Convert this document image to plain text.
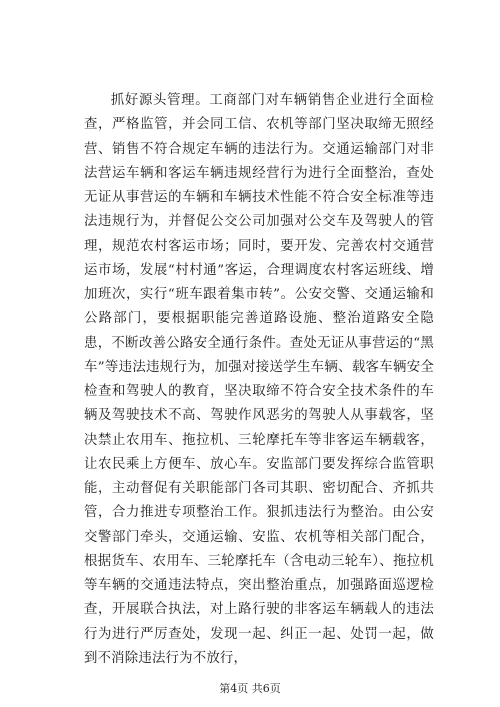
抓好源头管理。工商部门对车辆销售企业进行全面检查，严格监管，并会同工信、农机等部门坚决取缔无照经营、销售不符合规定车辆的违法行为。交通运输部门对非法营运车辆和客运车辆违规经营行为进行全面整治，查处无证从事营运的车辆和车辆技术性能不符合安全标准等违法违规行为，并督促公交公司加强对公交车及驾驶人的管理，规范农村客运市场；同时，要开发、完善农村交通营运市场，发展“村村通”客运，合理调度农村客运班线、增加班次，实行“班车跟着集市转”。公安交警、交通运输和公路部门，要根据职能完善道路设施、整治道路安全隐患，不断改善公路安全通行条件。查处无证从事营运的“黑车”等违法违规行为，加强对接送学生车辆、载客车辆安全检查和驾驶人的教育，坚决取缔不符合安全技术条件的车辆及驾驶技术不高、驾驶作风恶劣的驾驶人从事载客，坚决禁止农用车、拖拉机、三轮摩托车等非客运车辆载客，让农民乘上方便车、放心车。安监部门要发挥综合监管职能，主动督促有关职能部门各司其职、密切配合、齐抓共管，合力推进专项整治工作。狠抓违法行为整治。由公安交警部门牵头，交通运输、安监、农机等相关部门配合，根据货车、农用车、三轮摩托车（含电动三轮车）、拖拉机等车辆的交通违法特点，突出整治重点，加强路面巡逻检查，开展联合执法，对上路行驶的非客运车辆载人的违法行为进行严厉查处，发现一起、纠正一起、处罚一起，做到不消除违法行为不放行，

第4页 共6页
